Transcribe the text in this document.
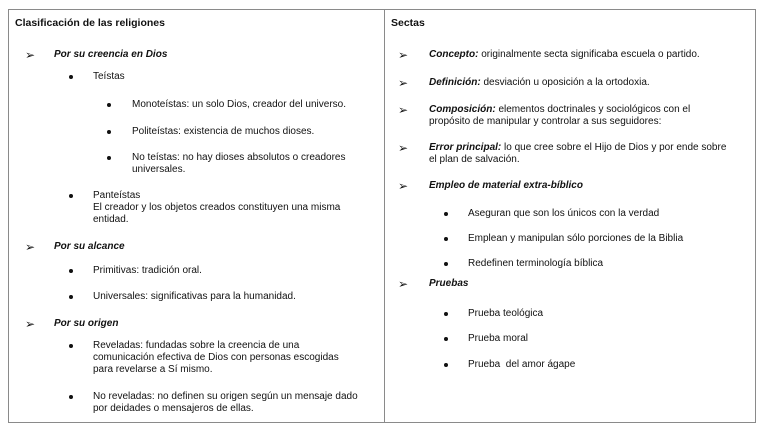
Clasificación de las religiones
➢ Por su creencia en Dios
Teístas
Monoteístas: un solo Dios, creador del universo.
Politeístas: existencia de muchos dioses.
No teístas: no hay dioses absolutos o creadores
universales.
Panteístas
El creador y los objetos creados constituyen una misma
entidad.
➢ Por su alcance
Primitivas: tradición oral.
Universales: significativas para la humanidad.
➢ Por su origen
Reveladas: fundadas sobre la creencia de una
comunicación efectiva de Dios con personas escogidas
para revelarse a Sí mismo.
No reveladas: no definen su origen según un mensaje dado
por deidades o mensajeros de ellas.
Sectas
➢ Concepto: originalmente secta significaba escuela o partido.
➢ Definición: desviación u oposición a la ortodoxia.
➢ Composición: elementos doctrinales y sociológicos con el
propósito de manipular y controlar a sus seguidores:
➢ Error principal: lo que cree sobre el Hijo de Dios y por ende sobre
el plan de salvación.
➢ Empleo de material extra-bíblico
Aseguran que son los únicos con la verdad
Emplean y manipulan sólo porciones de la Biblia
Redefinen terminología bíblica
➢ Pruebas
Prueba teológica
Prueba moral
Prueba  del amor ágape
